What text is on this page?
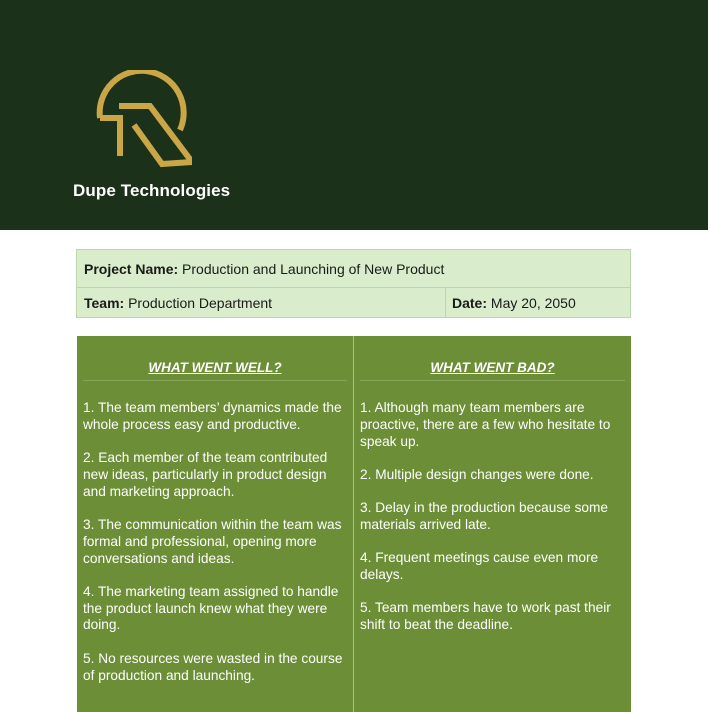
Dupe Technologies
Project Name: Production and Launching of New Product
Team:
Production Department	Date:
May 20, 2050
WHAT WENT WELL?
1. The team members’ dynamics made the whole process easy and productive.
2. Each member of the team contributed new ideas, particularly in product design and marketing approach.
3. The communication within the team was formal and professional, opening more conversations and ideas.
4. The marketing team assigned to handle the product launch knew what they were doing.
5. No resources were wasted in the course of production and launching.
WHAT WENT BAD?
1. Although many team members are proactive, there are a few who hesitate to speak up.
2. Multiple design changes were done.
3. Delay in the production because some materials arrived late.
4. Frequent meetings cause even more delays.
5. Team members have to work past their shift to beat the deadline.
